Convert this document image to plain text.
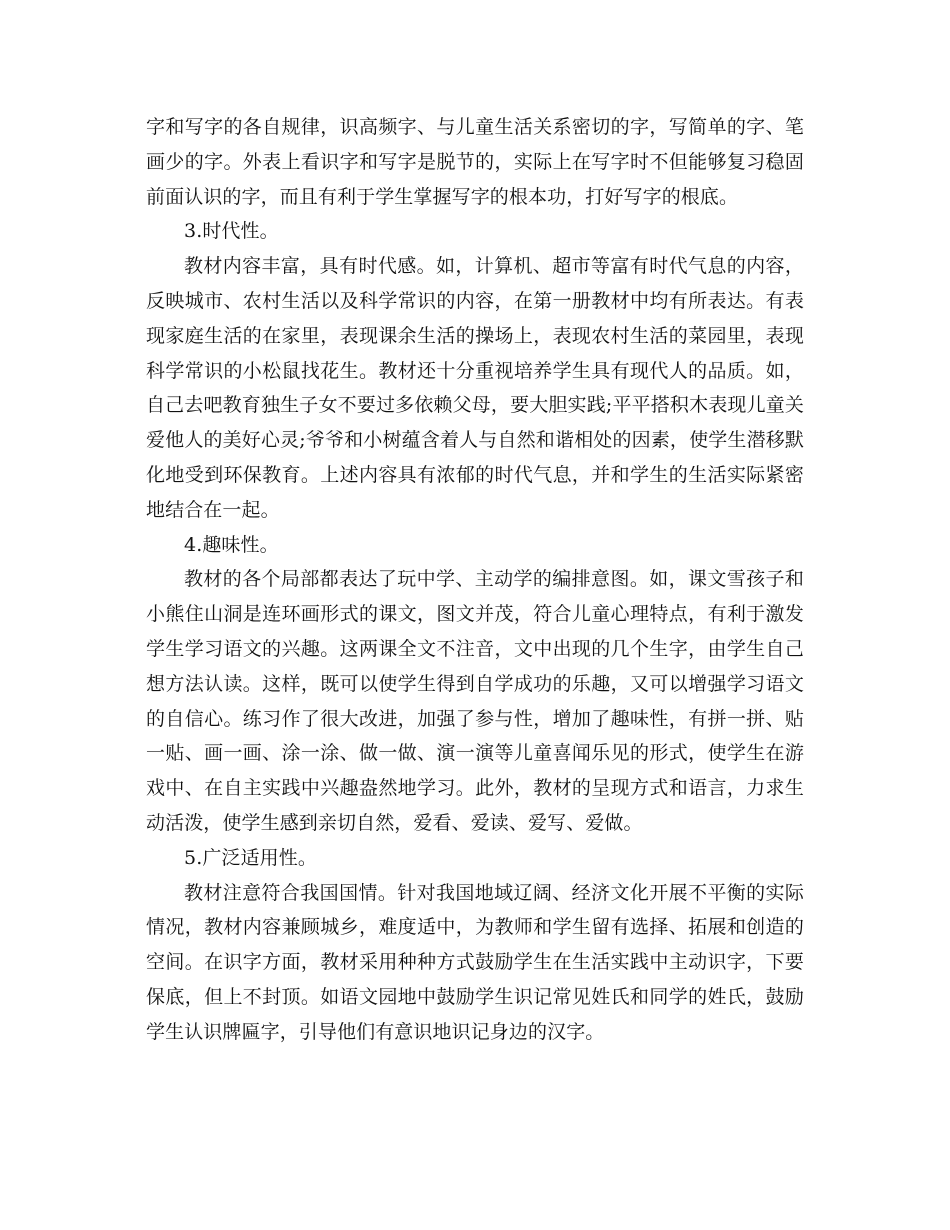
字和写字的各自规律，识高频字、与儿童生活关系密切的字，写简单的字、笔画少的字。外表上看识字和写字是脱节的，实际上在写字时不但能够复习稳固前面认识的字，而且有利于学生掌握写字的根本功，打好写字的根底。

3.时代性。

教材内容丰富，具有时代感。如，计算机、超市等富有时代气息的内容，反映城市、农村生活以及科学常识的内容，在第一册教材中均有所表达。有表现家庭生活的在家里，表现课余生活的操场上，表现农村生活的菜园里，表现科学常识的小松鼠找花生。教材还十分重视培养学生具有现代人的品质。如，自己去吧教育独生子女不要过多依赖父母，要大胆实践;平平搭积木表现儿童关爱他人的美好心灵;爷爷和小树蕴含着人与自然和谐相处的因素，使学生潜移默化地受到环保教育。上述内容具有浓郁的时代气息，并和学生的生活实际紧密地结合在一起。

4.趣味性。

教材的各个局部都表达了玩中学、主动学的编排意图。如，课文雪孩子和小熊住山洞是连环画形式的课文，图文并茂，符合儿童心理特点，有利于激发学生学习语文的兴趣。这两课全文不注音，文中出现的几个生字，由学生自己想方法认读。这样，既可以使学生得到自学成功的乐趣，又可以增强学习语文的自信心。练习作了很大改进，加强了参与性，增加了趣味性，有拼一拼、贴一贴、画一画、涂一涂、做一做、演一演等儿童喜闻乐见的形式，使学生在游戏中、在自主实践中兴趣盎然地学习。此外，教材的呈现方式和语言，力求生动活泼，使学生感到亲切自然，爱看、爱读、爱写、爱做。

5.广泛适用性。

教材注意符合我国国情。针对我国地域辽阔、经济文化开展不平衡的实际情况，教材内容兼顾城乡，难度适中，为教师和学生留有选择、拓展和创造的空间。在识字方面，教材采用种种方式鼓励学生在生活实践中主动识字，下要保底，但上不封顶。如语文园地中鼓励学生识记常见姓氏和同学的姓氏，鼓励学生认识牌匾字，引导他们有意识地识记身边的汉字。
